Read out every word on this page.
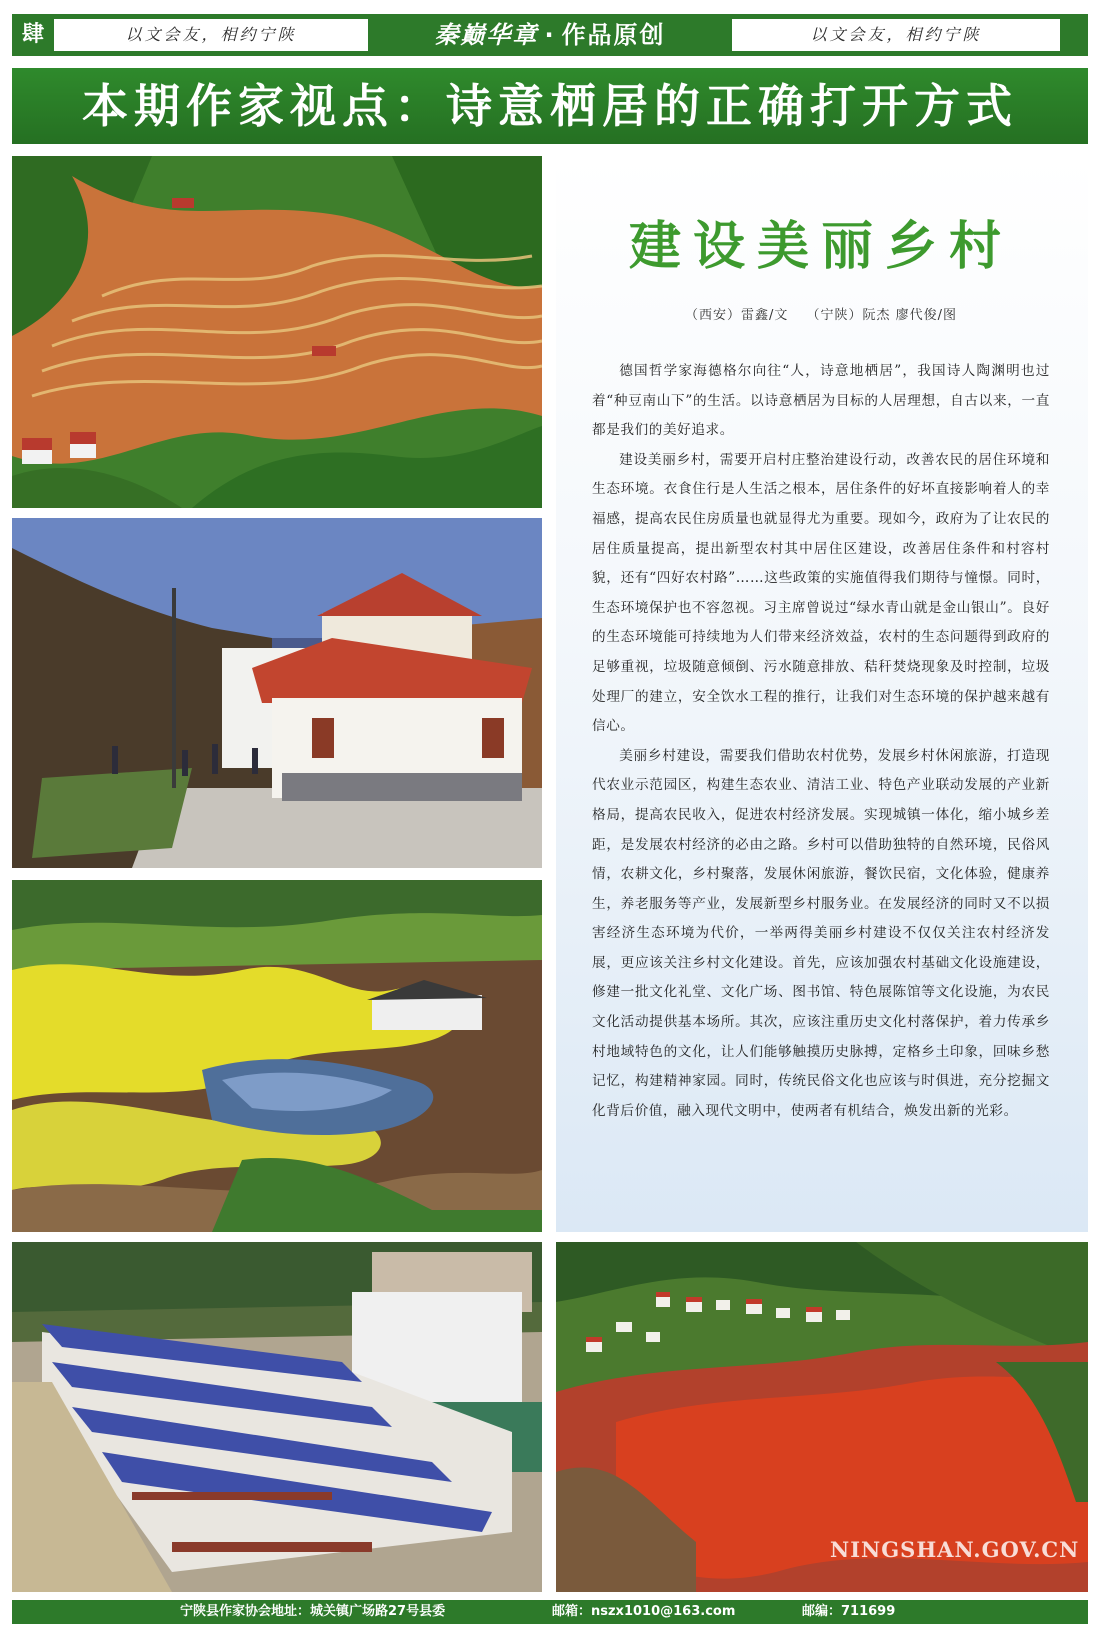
肆	以文会友，相约宁陕	秦巅华章 · 作品原创	以文会友，相约宁陕
本期作家视点：诗意栖居的正确打开方式
NINGSHAN.GOV.CN
建设美丽乡村
（西安）雷鑫/文 （宁陕）阮杰 廖代俊/图

德国哲学家海德格尔向往“人，诗意地栖居”，我国诗人陶渊明也过着“种豆南山下”的生活。以诗意栖居为目标的人居理想，自古以来，一直都是我们的美好追求。

建设美丽乡村，需要开启村庄整治建设行动，改善农民的居住环境和生态环境。衣食住行是人生活之根本，居住条件的好坏直接影响着人的幸福感，提高农民住房质量也就显得尤为重要。现如今，政府为了让农民的居住质量提高，提出新型农村其中居住区建设，改善居住条件和村容村貌，还有“四好农村路”……这些政策的实施值得我们期待与憧憬。同时，生态环境保护也不容忽视。习主席曾说过“绿水青山就是金山银山”。良好的生态环境能可持续地为人们带来经济效益，农村的生态问题得到政府的足够重视，垃圾随意倾倒、污水随意排放、秸秆焚烧现象及时控制，垃圾处理厂的建立，安全饮水工程的推行，让我们对生态环境的保护越来越有信心。

美丽乡村建设，需要我们借助农村优势，发展乡村休闲旅游，打造现代农业示范园区，构建生态农业、清洁工业、特色产业联动发展的产业新格局，提高农民收入，促进农村经济发展。实现城镇一体化，缩小城乡差距，是发展农村经济的必由之路。乡村可以借助独特的自然环境，民俗风情，农耕文化，乡村聚落，发展休闲旅游，餐饮民宿，文化体验，健康养生，养老服务等产业，发展新型乡村服务业。在发展经济的同时又不以损害经济生态环境为代价，一举两得美丽乡村建设不仅仅关注农村经济发展，更应该关注乡村文化建设。首先，应该加强农村基础文化设施建设，修建一批文化礼堂、文化广场、图书馆、特色展陈馆等文化设施，为农民文化活动提供基本场所。其次，应该注重历史文化村落保护，着力传承乡村地域特色的文化，让人们能够触摸历史脉搏，定格乡土印象，回味乡愁记忆，构建精神家园。同时，传统民俗文化也应该与时俱进，充分挖掘文化背后价值，融入现代文明中，使两者有机结合，焕发出新的光彩。

宁陕县作家协会地址：城关镇广场路27号县委	邮箱：nszx1010@163.com	邮编：711699
